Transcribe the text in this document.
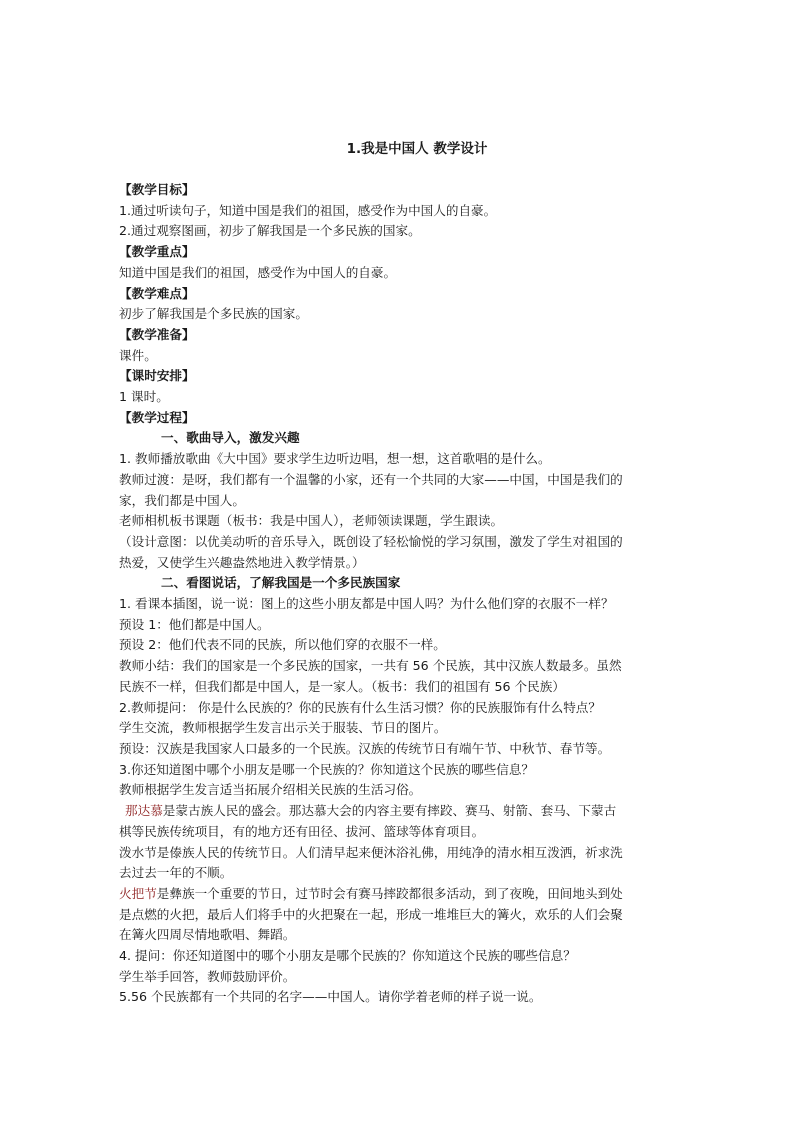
1.我是中国人 教学设计

【教学目标】

1.通过听读句子，知道中国是我们的祖国，感受作为中国人的自豪。

2.通过观察图画，初步了解我国是一个多民族的国家。

【教学重点】

知道中国是我们的祖国，感受作为中国人的自豪。

【教学难点】

初步了解我国是个多民族的国家。

【教学准备】

课件。

【课时安排】

1 课时。

【教学过程】

一、歌曲导入，激发兴趣

1. 教师播放歌曲《大中国》要求学生边听边唱，想一想，这首歌唱的是什么。

教师过渡：是呀，我们都有一个温馨的小家，还有一个共同的大家——中国，中国是我们的

家，我们都是中国人。

老师相机板书课题（板书：我是中国人），老师领读课题，学生跟读。

（设计意图：以优美动听的音乐导入，既创设了轻松愉悦的学习氛围，激发了学生对祖国的

热爱，又使学生兴趣盎然地进入教学情景。）

二、看图说话，了解我国是一个多民族国家

1. 看课本插图，说一说：图上的这些小朋友都是中国人吗？为什么他们穿的衣服不一样？

预设 1：他们都是中国人。

预设 2：他们代表不同的民族，所以他们穿的衣服不一样。

教师小结：我们的国家是一个多民族的国家，一共有 56 个民族，其中汉族人数最多。虽然

民族不一样，但我们都是中国人，是一家人。（板书：我们的祖国有 56 个民族）

2.教师提问： 你是什么民族的？你的民族有什么生活习惯？你的民族服饰有什么特点？

学生交流，教师根据学生发言出示关于服装、节日的图片。

预设：汉族是我国家人口最多的一个民族。汉族的传统节日有端午节、中秋节、春节等。

3.你还知道图中哪个小朋友是哪一个民族的？你知道这个民族的哪些信息？

教师根据学生发言适当拓展介绍相关民族的生活习俗。

那达慕是蒙古族人民的盛会。那达慕大会的内容主要有摔跤、赛马、射箭、套马、下蒙古

棋等民族传统项目，有的地方还有田径、拔河、篮球等体育项目。

泼水节是傣族人民的传统节日。人们清早起来便沐浴礼佛，用纯净的清水相互泼洒，祈求洗

去过去一年的不顺。

火把节是彝族一个重要的节日，过节时会有赛马摔跤都很多活动，到了夜晚，田间地头到处

是点燃的火把，最后人们将手中的火把聚在一起，形成一堆堆巨大的篝火，欢乐的人们会聚

在篝火四周尽情地歌唱、舞蹈。

4. 提问：你还知道图中的哪个小朋友是哪个民族的？你知道这个民族的哪些信息？

学生举手回答，教师鼓励评价。

5.56 个民族都有一个共同的名字——中国人。请你学着老师的样子说一说。
